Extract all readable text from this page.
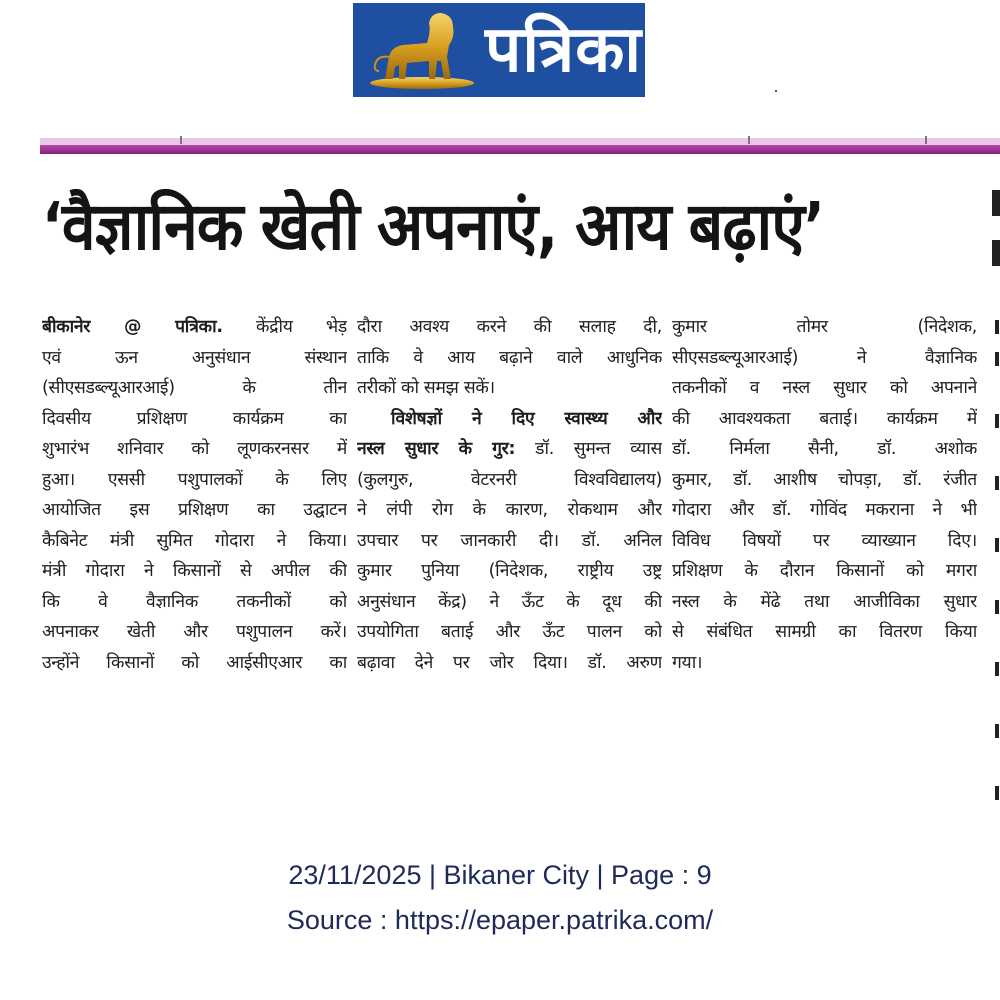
पत्रिका
‘वैज्ञानिक खेती अपनाएं, आय बढ़ाएं’
बीकानेर @ पत्रिका. केंद्रीय भेड़
एवं ऊन अनुसंधान संस्थान
(सीएसडब्ल्यूआरआई) के तीन
दिवसीय प्रशिक्षण कार्यक्रम का
शुभारंभ शनिवार को लूणकरनसर में
हुआ। एससी पशुपालकों के लिए
आयोजित इस प्रशिक्षण का उद्घाटन
कैबिनेट मंत्री सुमित गोदारा ने किया।
मंत्री गोदारा ने किसानों से अपील की
कि वे वैज्ञानिक तकनीकों को
अपनाकर खेती और पशुपालन करें।
उन्होंने किसानों को आईसीएआर का
दौरा अवश्य करने की सलाह दी,
ताकि वे आय बढ़ाने वाले आधुनिक
तरीकों को समझ सकें।
विशेषज्ञों ने दिए स्वास्थ्य और
नस्ल सुधार के गुर: डॉ. सुमन्त व्यास
(कुलगुरु, वेटरनरी विश्वविद्यालय)
ने लंपी रोग के कारण, रोकथाम और
उपचार पर जानकारी दी। डॉ. अनिल
कुमार पुनिया (निदेशक, राष्ट्रीय उष्ट्र
अनुसंधान केंद्र) ने ऊँट के दूध की
उपयोगिता बताई और ऊँट पालन को
बढ़ावा देने पर जोर दिया। डॉ. अरुण
कुमार तोमर (निदेशक,
सीएसडब्ल्यूआरआई) ने वैज्ञानिक
तकनीकों व नस्ल सुधार को अपनाने
की आवश्यकता बताई। कार्यक्रम में
डॉ. निर्मला सैनी, डॉ. अशोक
कुमार, डॉ. आशीष चोपड़ा, डॉ. रंजीत
गोदारा और डॉ. गोविंद मकराना ने भी
विविध विषयों पर व्याख्यान दिए।
प्रशिक्षण के दौरान किसानों को मगरा
नस्ल के मेंढे तथा आजीविका सुधार
से संबंधित सामग्री का वितरण किया
गया।
23/11/2025 | Bikaner City | Page : 9
Source : https://epaper.patrika.com/
